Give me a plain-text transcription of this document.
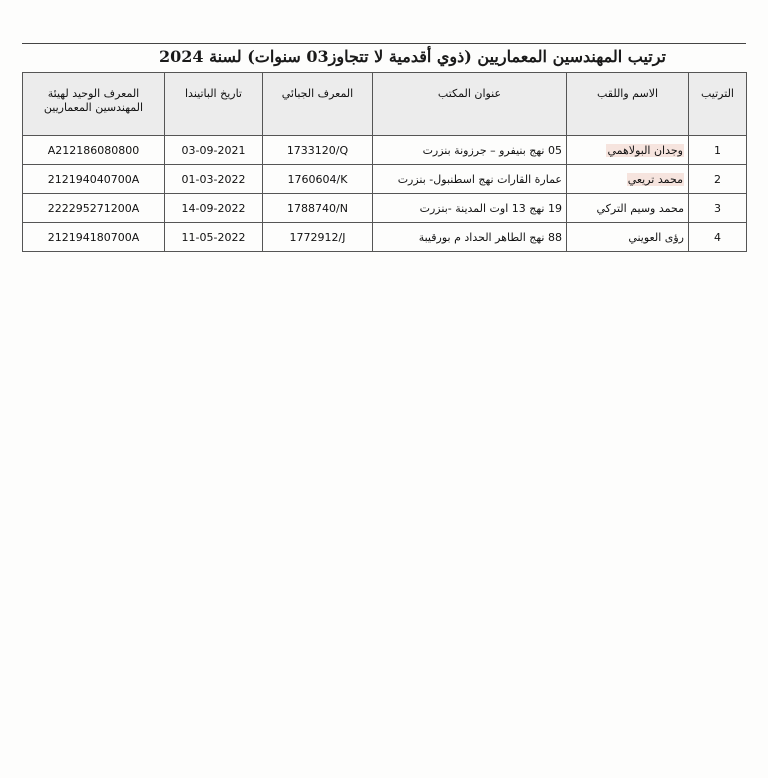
ترتيب المهندسين المعماريين (ذوي أقدمية لا تتجاوز03 سنوات) لسنة 2024
الترتيب	الاسم واللقب	عنوان المكتب	المعرف الجبائي	تاريخ الباتيندا	المعرف الوحيد لهيئة المهندسين المعماريين
1	وجدان البولاهمي	05 نهج بنيفرو – جرزونة بنزرت	1733120/Q	03-09-2021	A212186080800
2	محمد تريعي	عمارة القارات نهج اسطنبول- بنزرت	1760604/K	01-03-2022	212194040700A
3	محمد وسيم التركي	19 نهج 13 اوت المدينة -بنزرت	1788740/N	14-09-2022	222295271200A
4	رؤى العويني	88 نهج الطاهر الحداد م بورقيبة	1772912/J	11-05-2022	212194180700A
